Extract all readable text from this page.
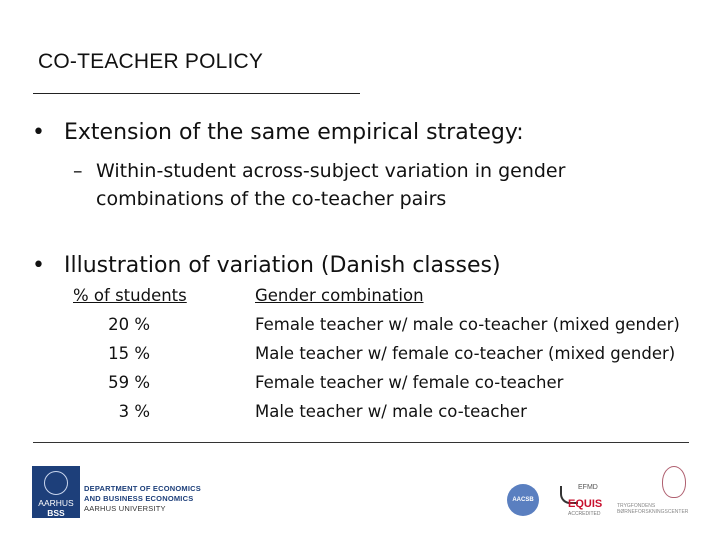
CO-TEACHER POLICY
• Extension of the same empirical strategy:
– Within-student across-subject variation in gender
combinations of the co-teacher pairs
• Illustration of variation (Danish classes)
% of students	Gender combination
20 %	Female teacher w/ male co-teacher (mixed gender)
15 %	Male teacher w/ female co-teacher (mixed gender)
59 %	Female teacher w/ female co-teacher
3 %	Male teacher w/ male co-teacher
AARHUS
BSS
DEPARTMENT OF ECONOMICS
AND BUSINESS ECONOMICS
AARHUS UNIVERSITY
AACSB
EFMD
EQUIS
ACCREDITED
TRYGFONDENS
BØRNEFORSKNINGSCENTER
